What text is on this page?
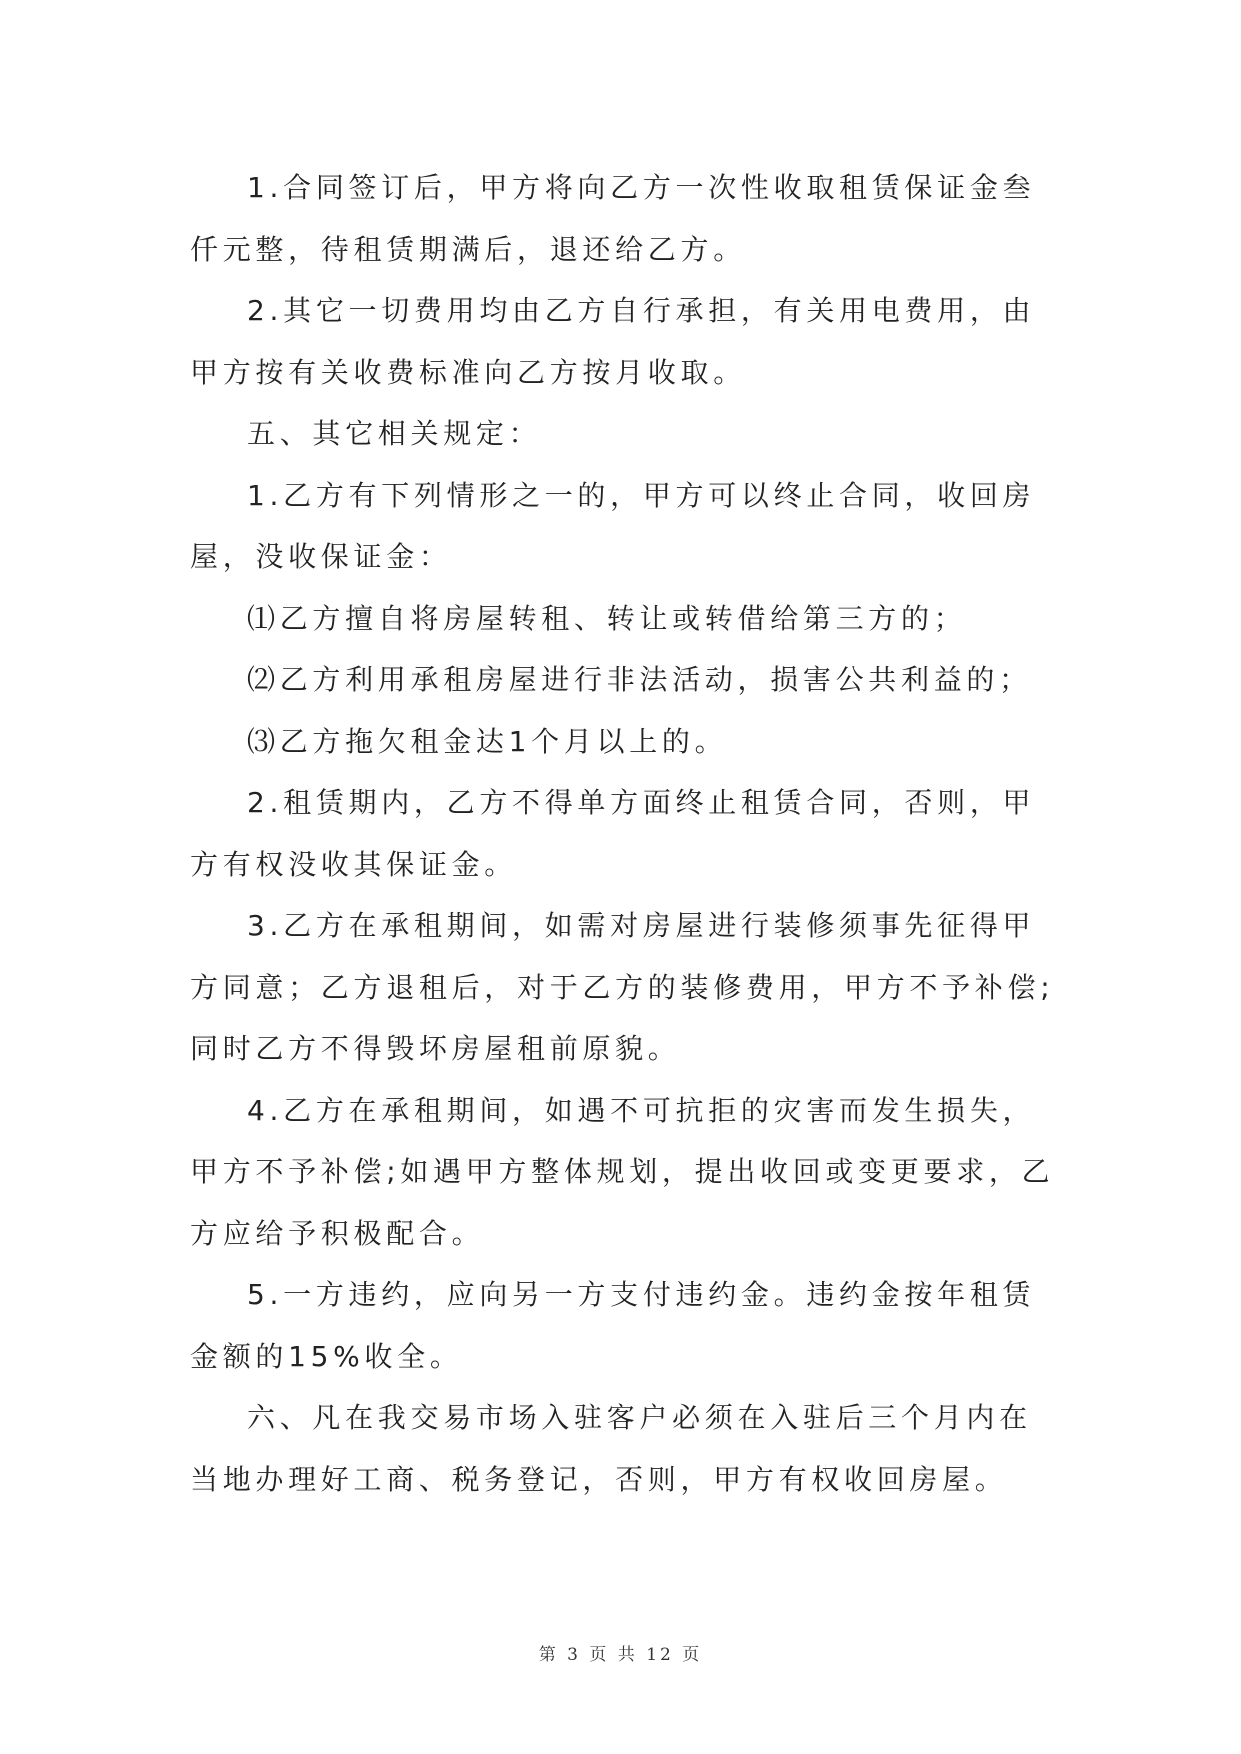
1.合同签订后，甲方将向乙方一次性收取租赁保证金叁仟元整，待租赁期满后，退还给乙方。

2.其它一切费用均由乙方自行承担，有关用电费用，由甲方按有关收费标准向乙方按月收取。

五、其它相关规定：

1.乙方有下列情形之一的，甲方可以终止合同，收回房屋，没收保证金：

⑴乙方擅自将房屋转租、转让或转借给第三方的；

⑵乙方利用承租房屋进行非法活动，损害公共利益的；

⑶乙方拖欠租金达1个月以上的。

2.租赁期内，乙方不得单方面终止租赁合同，否则，甲方有权没收其保证金。

3.乙方在承租期间，如需对房屋进行装修须事先征得甲方同意；乙方退租后，对于乙方的装修费用，甲方不予补偿;同时乙方不得毁坏房屋租前原貌。

4.乙方在承租期间，如遇不可抗拒的灾害而发生损失，甲方不予补偿;如遇甲方整体规划，提出收回或变更要求，乙方应给予积极配合。

5.一方违约，应向另一方支付违约金。违约金按年租赁金额的15%收全。

六、凡在我交易市场入驻客户必须在入驻后三个月内在当地办理好工商、税务登记，否则，甲方有权收回房屋。

第 3 页 共 12 页
